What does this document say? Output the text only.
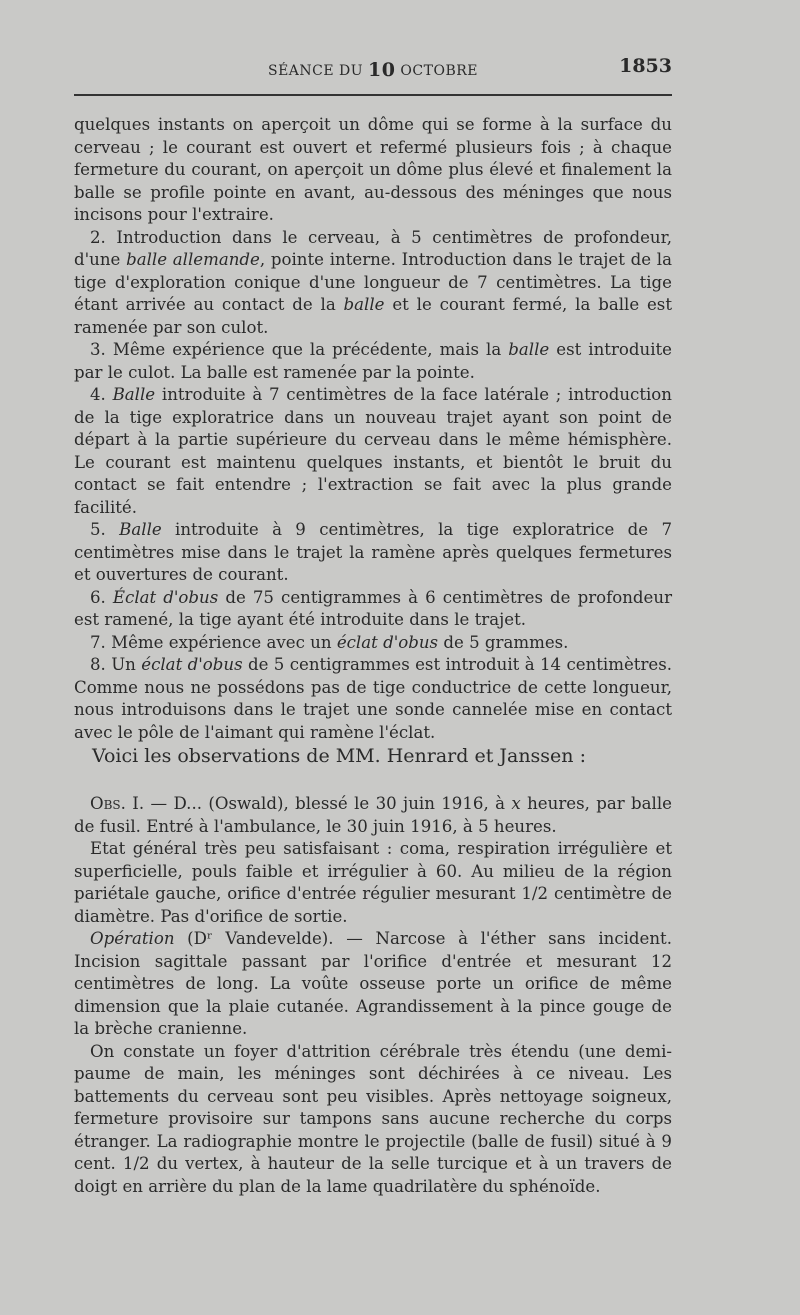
SÉANCE DU 10 OCTOBRE	1853

quelques instants on aperçoit un dôme qui se forme à la surface du cerveau ; le courant est ouvert et refermé plusieurs fois ; à chaque fermeture du courant, on aperçoit un dôme plus élevé et finalement la balle se profile pointe en avant, au-dessous des méninges que nous incisons pour l'extraire.

2. Introduction dans le cerveau, à 5 centimètres de profondeur, d'une balle allemande, pointe interne. Introduction dans le trajet de la tige d'exploration conique d'une longueur de 7 centimètres. La tige étant arrivée au contact de la balle et le courant fermé, la balle est ramenée par son culot.

3. Même expérience que la précédente, mais la balle est introduite par le culot. La balle est ramenée par la pointe.

4. Balle introduite à 7 centimètres de la face latérale ; introduction de la tige exploratrice dans un nouveau trajet ayant son point de départ à la partie supérieure du cerveau dans le même hémisphère. Le courant est maintenu quelques instants, et bientôt le bruit du contact se fait entendre ; l'extraction se fait avec la plus grande facilité.

5. Balle introduite à 9 centimètres, la tige exploratrice de 7 centimètres mise dans le trajet la ramène après quelques fermetures et ouvertures de courant.

6. Éclat d'obus de 75 centigrammes à 6 centimètres de profondeur est ramené, la tige ayant été introduite dans le trajet.

7. Même expérience avec un éclat d'obus de 5 grammes.

8. Un éclat d'obus de 5 centigrammes est introduit à 14 centimètres. Comme nous ne possédons pas de tige conductrice de cette longueur, nous introduisons dans le trajet une sonde cannelée mise en contact avec le pôle de l'aimant qui ramène l'éclat.

Voici les observations de MM. Henrard et Janssen :

Obs. I. — D... (Oswald), blessé le 30 juin 1916, à x heures, par balle de fusil. Entré à l'ambulance, le 30 juin 1916, à 5 heures.

Etat général très peu satisfaisant : coma, respiration irrégulière et superficielle, pouls faible et irrégulier à 60. Au milieu de la région pariétale gauche, orifice d'entrée régulier mesurant 1/2 centimètre de diamètre. Pas d'orifice de sortie.

Opération (Dʳ Vandevelde). — Narcose à l'éther sans incident. Incision sagittale passant par l'orifice d'entrée et mesurant 12 centimètres de long. La voûte osseuse porte un orifice de même dimension que la plaie cutanée. Agrandissement à la pince gouge de la brèche cranienne.

On constate un foyer d'attrition cérébrale très étendu (une demi-paume de main, les méninges sont déchirées à ce niveau. Les battements du cerveau sont peu visibles. Après nettoyage soigneux, fermeture provisoire sur tampons sans aucune recherche du corps étranger. La radiographie montre le projectile (balle de fusil) situé à 9 cent. 1/2 du vertex, à hauteur de la selle turcique et à un travers de doigt en arrière du plan de la lame quadrilatère du sphénoïde.
